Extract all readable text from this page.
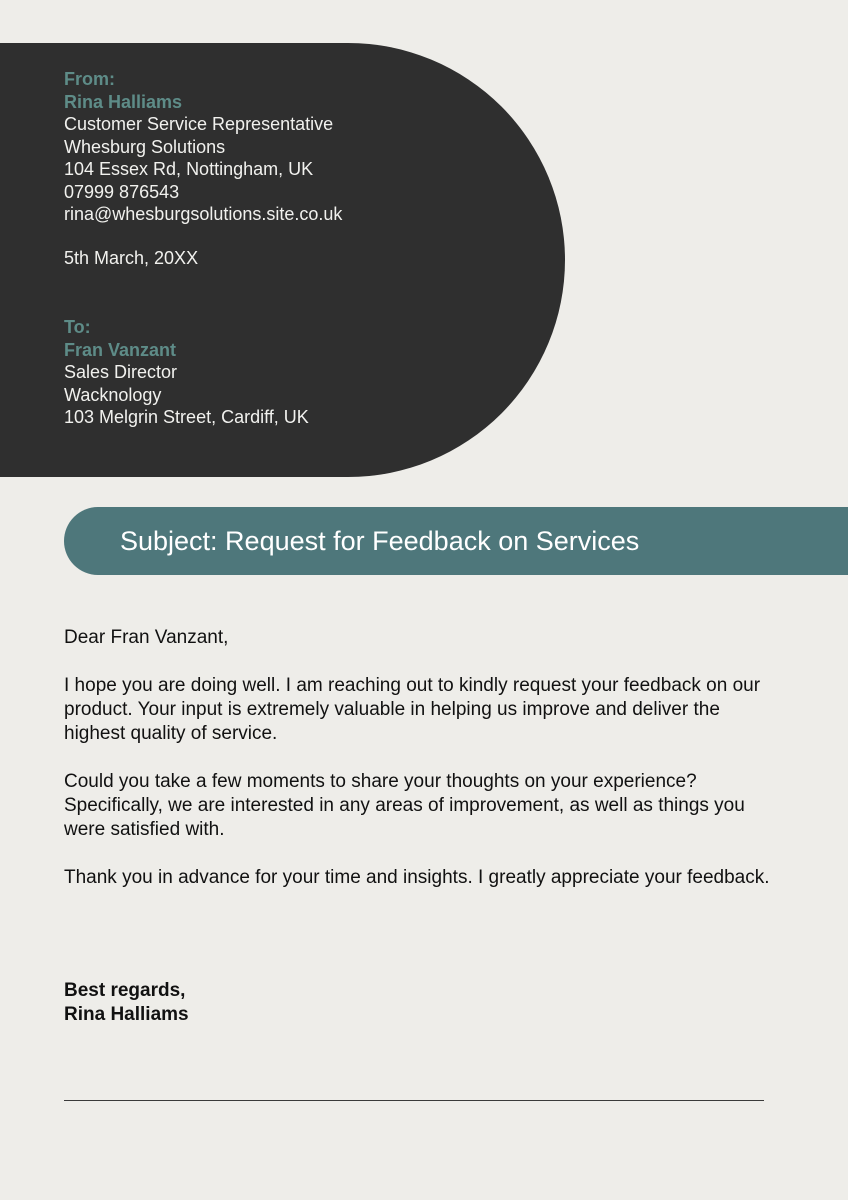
From:
Rina Halliams
Customer Service Representative
Whesburg Solutions
104 Essex Rd, Nottingham, UK
07999 876543
rina@whesburgsolutions.site.co.uk
5th March, 20XX
To:
Fran Vanzant
Sales Director
Wacknology
103 Melgrin Street, Cardiff, UK
Subject: Request for Feedback on Services

Dear Fran Vanzant,

I hope you are doing well. I am reaching out to kindly request your feedback on our product. Your input is extremely valuable in helping us improve and deliver the highest quality of service.

Could you take a few moments to share your thoughts on your experience? Specifically, we are interested in any areas of improvement, as well as things you were satisfied with.

Thank you in advance for your time and insights. I greatly appreciate your feedback.

Best regards,
Rina Halliams
